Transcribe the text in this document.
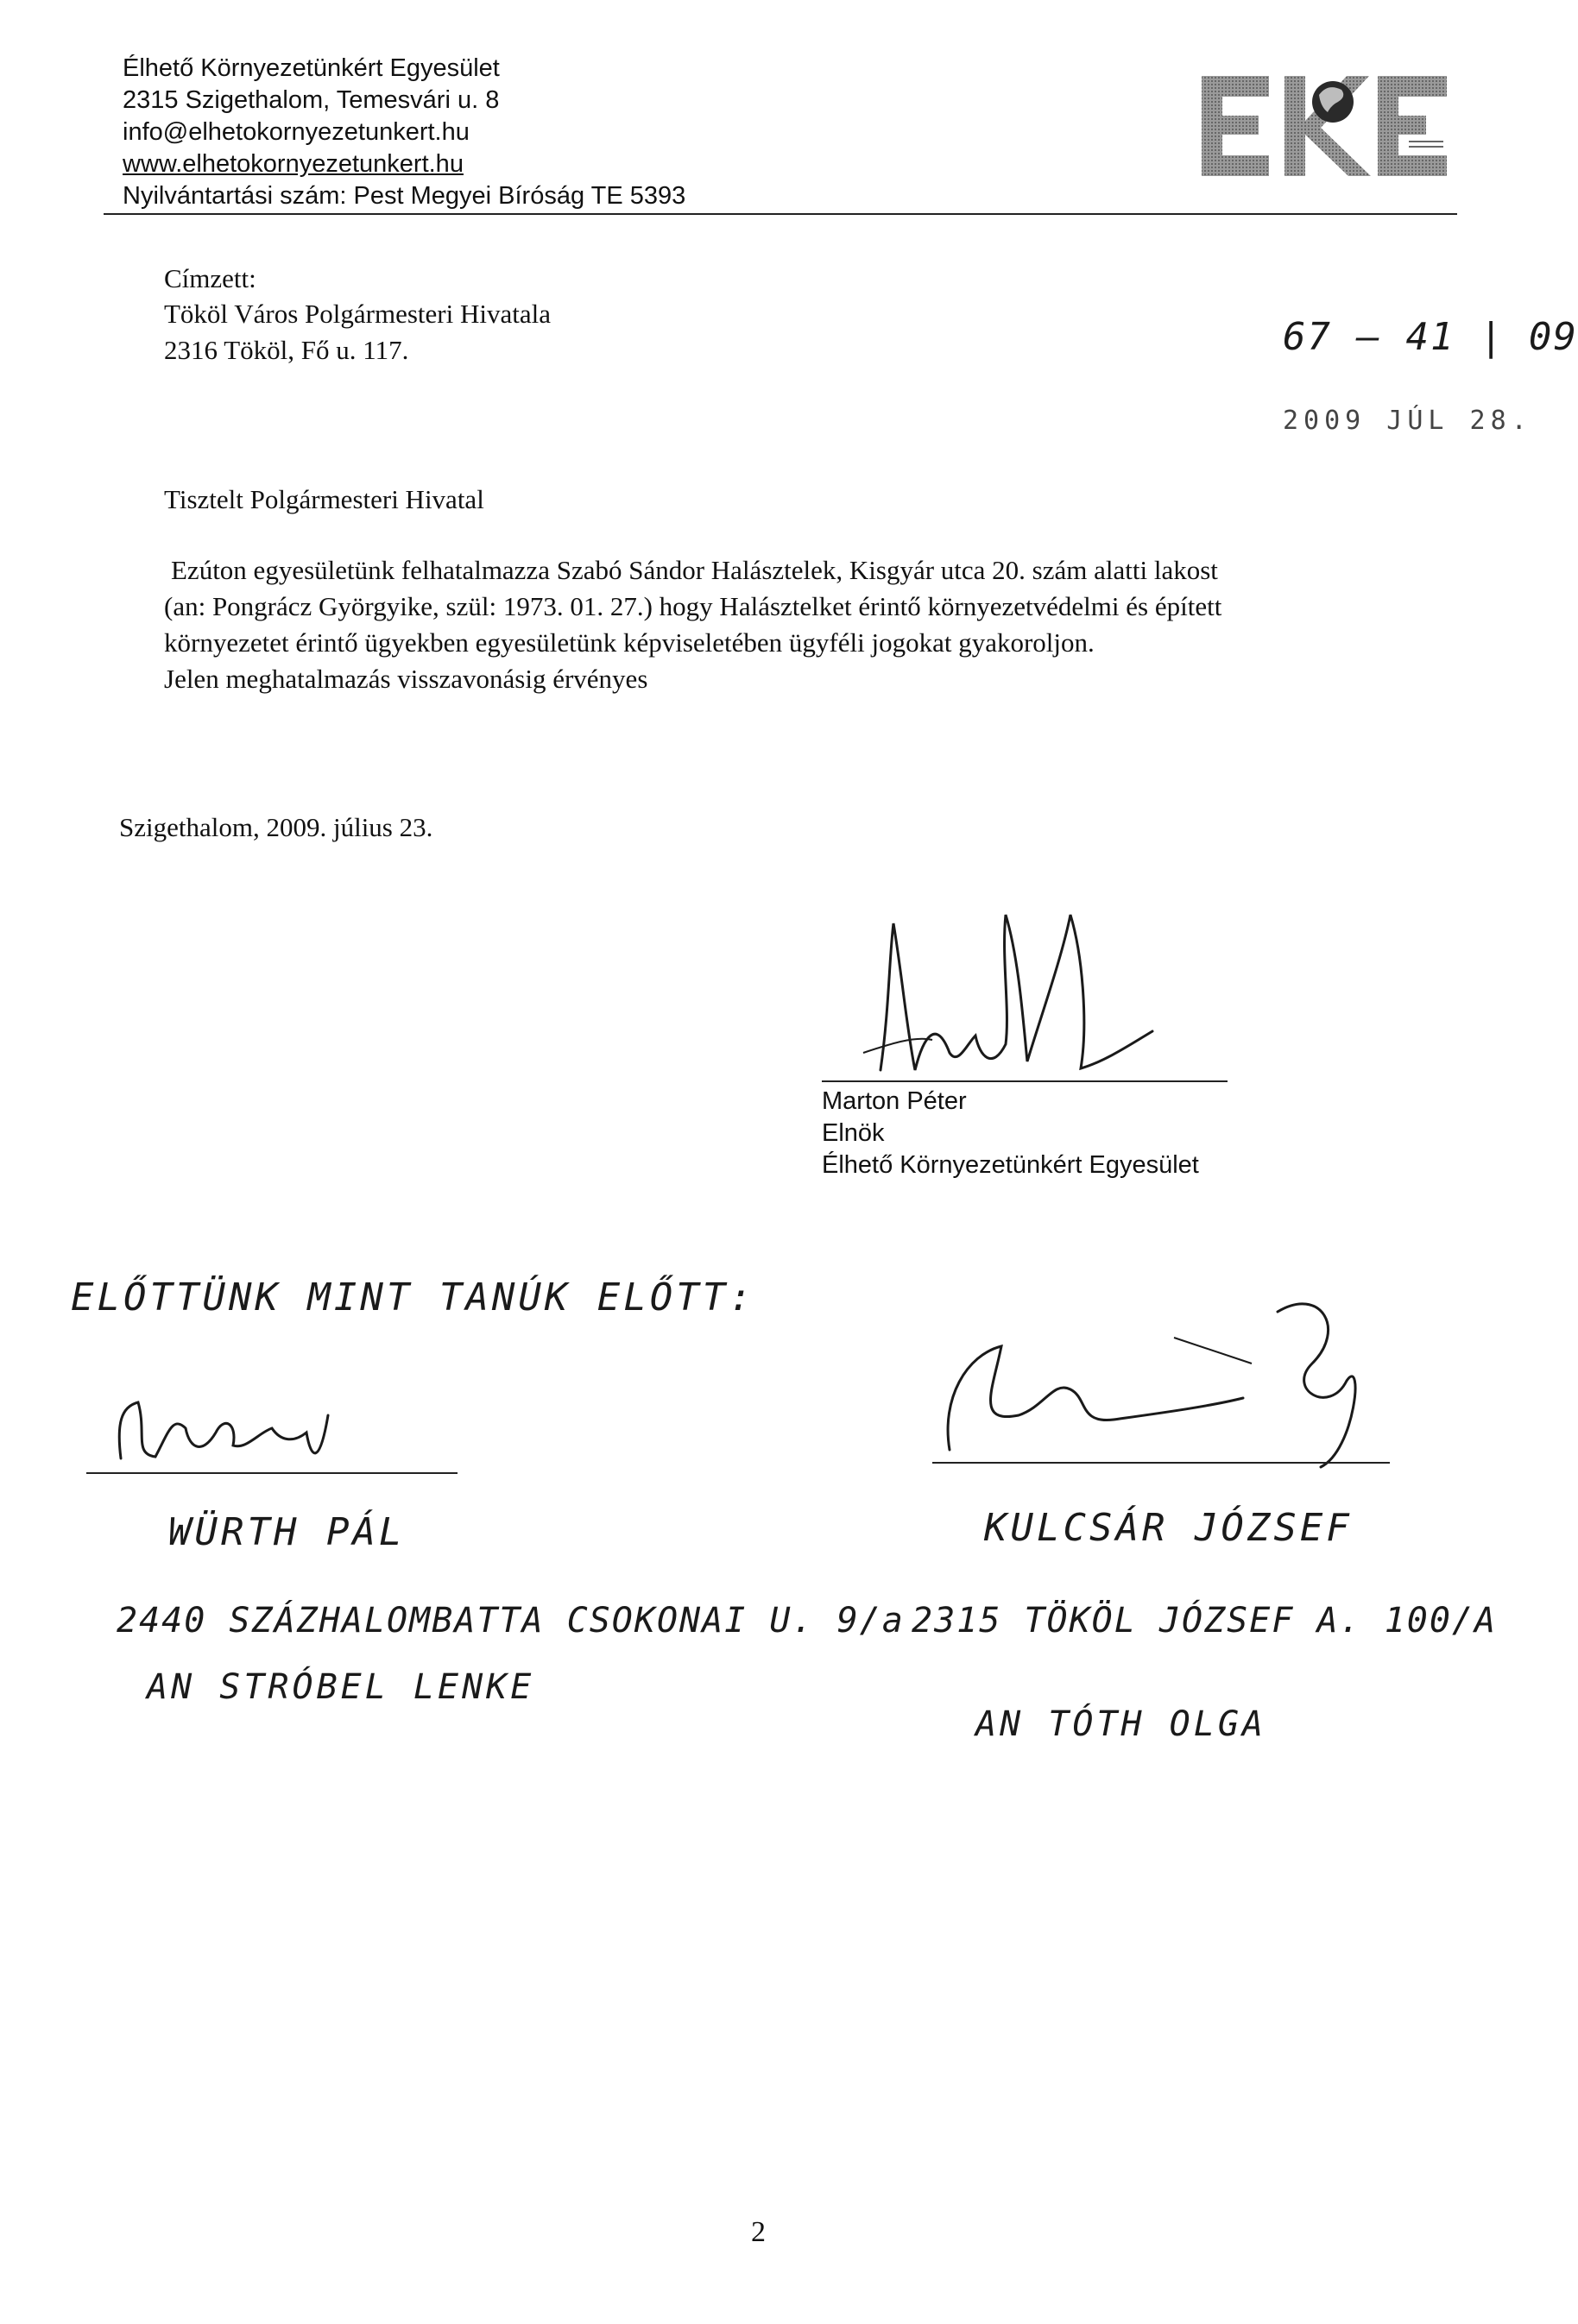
Élhető Környezetünkért Egyesület
2315 Szigethalom, Temesvári u. 8
info@elhetokornyezetunkert.hu
www.elhetokornyezetunkert.hu
Nyilvántartási szám: Pest Megyei Bíróság TE 5393
Címzett:
Tököl Város Polgármesteri Hivatala
2316 Tököl, Fő u. 117.	67 – 41 | 09
2009 JÚL 28.
Tisztelt Polgármesteri Hivatal
Ezúton egyesületünk felhatalmazza Szabó Sándor Halásztelek, Kisgyár utca 20. szám alatti lakost
(an: Pongrácz Györgyike, szül: 1973. 01. 27.) hogy Halásztelket érintő környezetvédelmi és épített
környezetet érintő ügyekben egyesületünk képviseletében ügyféli jogokat gyakoroljon.
Jelen meghatalmazás visszavonásig érvényes
Szigethalom, 2009. július 23.
Marton Péter
Elnök
Élhető Környezetünkért Egyesület
ELŐTTÜNK MINT TANÚK ELŐTT:
WÜRTH PÁL
2440 SZÁZHALOMBATTA CSOKONAI U. 9/a
AN STRÓBEL LENKE
KULCSÁR JÓZSEF
2315 TÖKÖL JÓZSEF A. 100/A
AN TÓTH OLGA
2
